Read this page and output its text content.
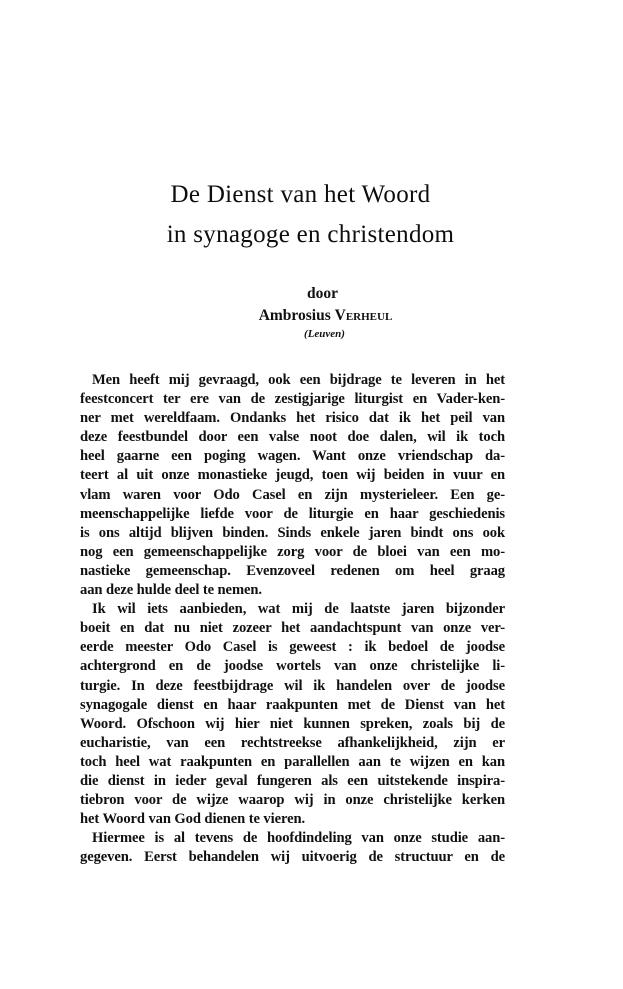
De Dienst van het Woord
in synagoge en christendom
door
Ambrosius Verheul
(Leuven)
Men heeft mij gevraagd, ook een bijdrage te leveren in het
feestconcert ter ere van de zestigjarige liturgist en Vader-ken-
ner met wereldfaam. Ondanks het risico dat ik het peil van
deze feestbundel door een valse noot doe dalen, wil ik toch
heel gaarne een poging wagen. Want onze vriendschap da-
teert al uit onze monastieke jeugd, toen wij beiden in vuur en
vlam waren voor Odo Casel en zijn mysterieleer. Een ge-
meenschappelijke liefde voor de liturgie en haar geschiedenis
is ons altijd blijven binden. Sinds enkele jaren bindt ons ook
nog een gemeenschappelijke zorg voor de bloei van een mo-
nastieke gemeenschap. Evenzoveel redenen om heel graag
aan deze hulde deel te nemen.
Ik wil iets aanbieden, wat mij de laatste jaren bijzonder
boeit en dat nu niet zozeer het aandachtspunt van onze ver-
eerde meester Odo Casel is geweest : ik bedoel de joodse
achtergrond en de joodse wortels van onze christelijke li-
turgie. In deze feestbijdrage wil ik handelen over de joodse
synagogale dienst en haar raakpunten met de Dienst van het
Woord. Ofschoon wij hier niet kunnen spreken, zoals bij de
eucharistie, van een rechtstreekse afhankelijkheid, zijn er
toch heel wat raakpunten en parallellen aan te wijzen en kan
die dienst in ieder geval fungeren als een uitstekende inspira-
tiebron voor de wijze waarop wij in onze christelijke kerken
het Woord van God dienen te vieren.
Hiermee is al tevens de hoofdindeling van onze studie aan-
gegeven. Eerst behandelen wij uitvoerig de structuur en de
